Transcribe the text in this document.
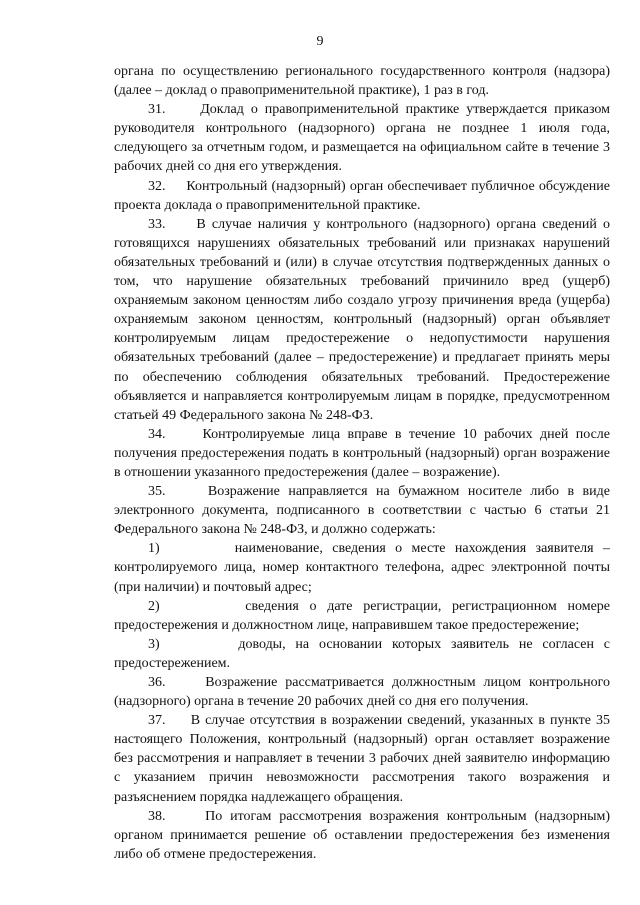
9

органа по осуществлению регионального государственного контроля (надзора) (далее – доклад о правоприменительной практике), 1 раз в год.

31.     Доклад о правоприменительной практике утверждается приказом руководителя контрольного (надзорного) органа не позднее 1 июля года, следующего за отчетным годом, и размещается на официальном сайте в течение 3 рабочих дней со дня его утверждения.

32.     Контрольный (надзорный) орган обеспечивает публичное обсуждение проекта доклада о правоприменительной практике.

33.     В случае наличия у контрольного (надзорного) органа сведений о готовящихся нарушениях обязательных требований или признаках нарушений обязательных требований и (или) в случае отсутствия подтвержденных данных о том, что нарушение обязательных требований причинило вред (ущерб) охраняемым законом ценностям либо создало угрозу причинения вреда (ущерба) охраняемым законом ценностям, контрольный (надзорный) орган объявляет контролируемым лицам предостережение о недопустимости нарушения обязательных требований (далее – предостережение) и предлагает принять меры по обеспечению соблюдения обязательных требований. Предостережение объявляется и направляется контролируемым лицам в порядке, предусмотренном статьей 49 Федерального закона № 248-ФЗ.

34.     Контролируемые лица вправе в течение 10 рабочих дней после получения предостережения подать в контрольный (надзорный) орган возражение в отношении указанного предостережения (далее – возражение).

35.     Возражение направляется на бумажном носителе либо в виде электронного документа, подписанного в соответствии с частью 6 статьи 21 Федерального закона № 248-ФЗ, и должно содержать:

1)        наименование, сведения о месте нахождения заявителя – контролируемого лица, номер контактного телефона, адрес электронной почты (при наличии) и почтовый адрес;

2)        сведения о дате регистрации, регистрационном номере предостережения и должностном лице, направившем такое предостережение;

3)        доводы, на основании которых заявитель не согласен с предостережением.

36.     Возражение рассматривается должностным лицом контрольного (надзорного) органа в течение 20 рабочих дней со дня его получения.

37.     В случае отсутствия в возражении сведений, указанных в пункте 35 настоящего Положения, контрольный (надзорный) орган оставляет возражение без рассмотрения и направляет в течении 3 рабочих дней заявителю информацию с указанием причин невозможности рассмотрения такого возражения и разъяснением порядка надлежащего обращения.

38.     По итогам рассмотрения возражения контрольным (надзорным) органом принимается решение об оставлении предостережения без изменения либо об отмене предостережения.
